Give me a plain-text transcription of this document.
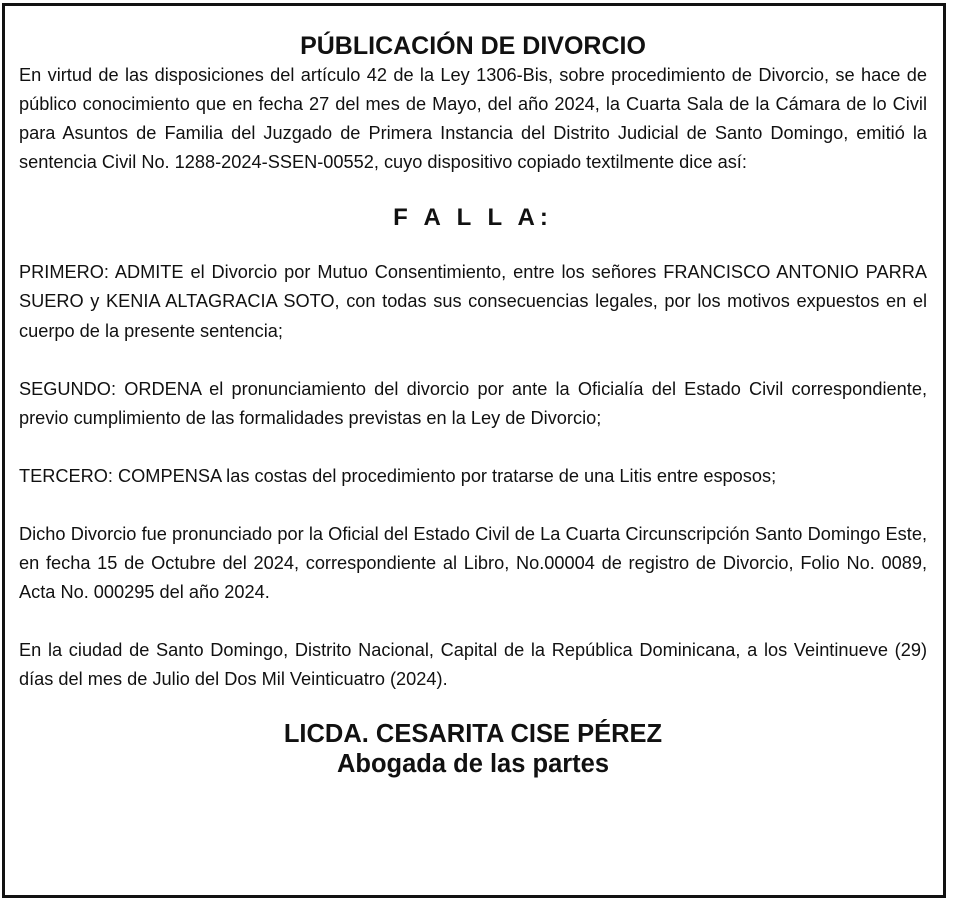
PÚBLICACIÓN DE DIVORCIO

En virtud de las disposiciones del artículo 42 de la Ley 1306-Bis, sobre procedimiento de Divorcio, se hace de público conocimiento que en fecha 27 del mes de Mayo, del año 2024, la Cuarta Sala de la Cámara de lo Civil para Asuntos de Familia del Juzgado de Primera Instancia del Distrito Judicial de Santo Domingo, emitió la sentencia Civil No. 1288-2024-SSEN-00552, cuyo dispositivo copiado textilmente dice así:

F A L L A:

PRIMERO: ADMITE el Divorcio por Mutuo Consentimiento, entre los señores FRANCISCO ANTONIO PARRA SUERO y KENIA ALTAGRACIA SOTO, con todas sus consecuencias legales, por los motivos expuestos en el cuerpo de la presente sentencia;

SEGUNDO: ORDENA el pronunciamiento del divorcio por ante la Oficialía del Estado Civil correspondiente, previo cumplimiento de las formalidades previstas en la Ley de Divorcio;

TERCERO: COMPENSA las costas del procedimiento por tratarse de una Litis entre esposos;

Dicho Divorcio fue pronunciado por la Oficial del Estado Civil de La Cuarta Circunscripción Santo Domingo Este, en fecha 15 de Octubre del 2024, correspondiente al Libro, No.00004 de registro de Divorcio, Folio No. 0089, Acta No. 000295 del año 2024.

En la ciudad de Santo Domingo, Distrito Nacional, Capital de la República Dominicana, a los Veintinueve (29) días del mes de Julio del Dos Mil Veinticuatro (2024).

LICDA. CESARITA CISE PÉREZ
Abogada de las partes
